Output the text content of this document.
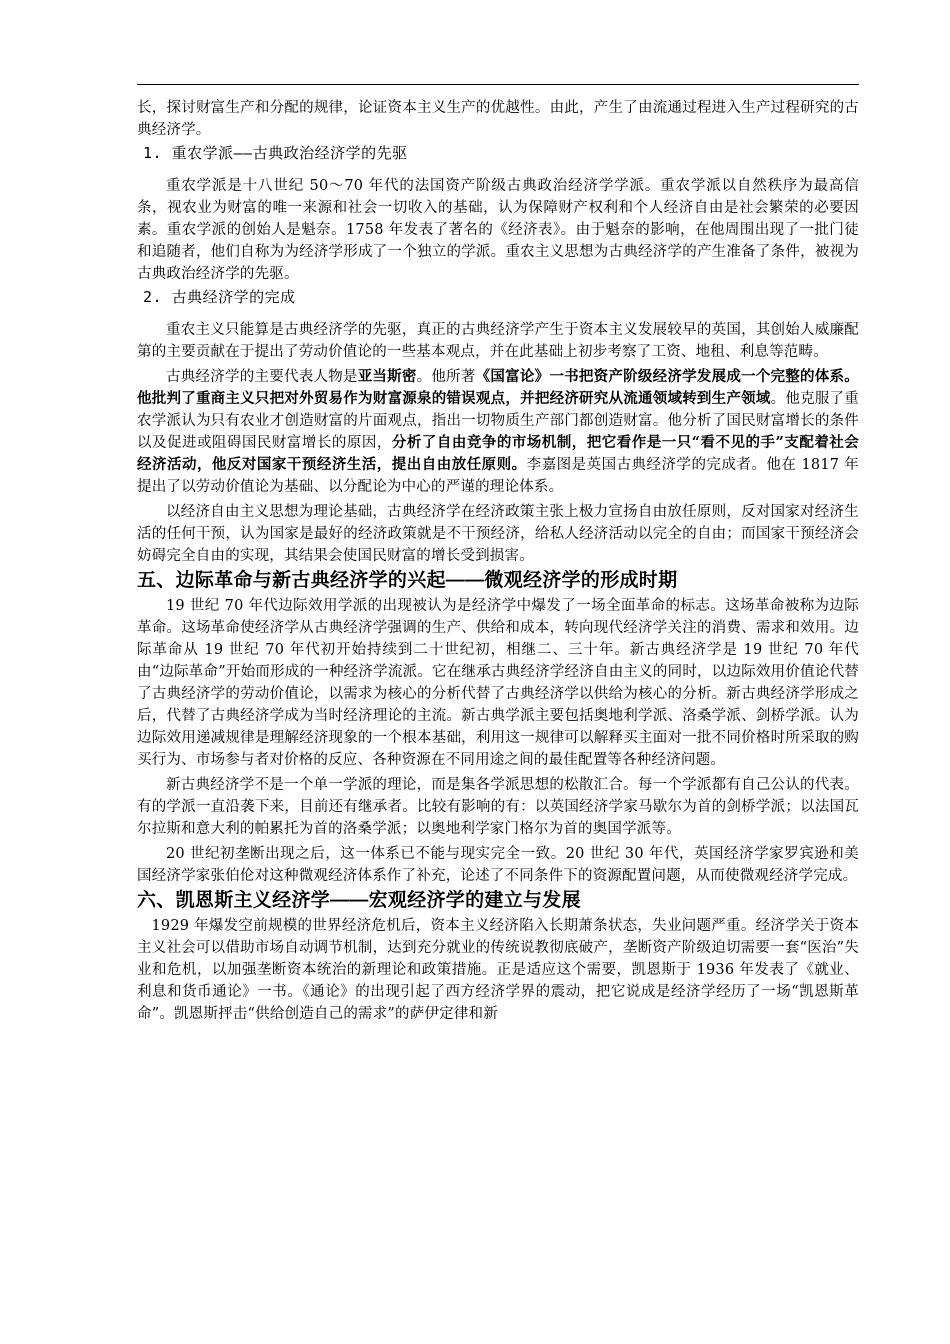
长，探讨财富生产和分配的规律，论证资本主义生产的优越性。由此，产生了由流通过程进入生产过程研究的古典经济学。

1. 重农学派——古典政治经济学的先驱

重农学派是十八世纪 50～70 年代的法国资产阶级古典政治经济学学派。重农学派以自然秩序为最高信条，视农业为财富的唯一来源和社会一切收入的基础，认为保障财产权利和个人经济自由是社会繁荣的必要因素。重农学派的创始人是魁奈。1758 年发表了著名的《经济表》。由于魁奈的影响，在他周围出现了一批门徒和追随者，他们自称为为经济学形成了一个独立的学派。重农主义思想为古典经济学的产生准备了条件，被视为古典政治经济学的先驱。

2. 古典经济学的完成

重农主义只能算是古典经济学的先驱，真正的古典经济学产生于资本主义发展较早的英国，其创始人威廉配第的主要贡献在于提出了劳动价值论的一些基本观点，并在此基础上初步考察了工资、地租、利息等范畴。

古典经济学的主要代表人物是亚当斯密。他所著《国富论》一书把资产阶级经济学发展成一个完整的体系。他批判了重商主义只把对外贸易作为财富源泉的错误观点，并把经济研究从流通领域转到生产领域。他克服了重农学派认为只有农业才创造财富的片面观点，指出一切物质生产部门都创造财富。他分析了国民财富增长的条件以及促进或阻碍国民财富增长的原因，分析了自由竞争的市场机制，把它看作是一只“看不见的手”支配着社会经济活动，他反对国家干预经济生活，提出自由放任原则。李嘉图是英国古典经济学的完成者。他在 1817 年提出了以劳动价值论为基础、以分配论为中心的严谨的理论体系。

以经济自由主义思想为理论基础，古典经济学在经济政策主张上极力宣扬自由放任原则，反对国家对经济生活的任何干预，认为国家是最好的经济政策就是不干预经济，给私人经济活动以完全的自由；而国家干预经济会妨碍完全自由的实现，其结果会使国民财富的增长受到损害。

五、边际革命与新古典经济学的兴起——微观经济学的形成时期

19 世纪 70 年代边际效用学派的出现被认为是经济学中爆发了一场全面革命的标志。这场革命被称为边际革命。这场革命使经济学从古典经济学强调的生产、供给和成本，转向现代经济学关注的消费、需求和效用。边际革命从 19 世纪 70 年代初开始持续到二十世纪初，相继二、三十年。新古典经济学是 19 世纪 70 年代由“边际革命”开始而形成的一种经济学流派。它在继承古典经济学经济自由主义的同时，以边际效用价值论代替了古典经济学的劳动价值论，以需求为核心的分析代替了古典经济学以供给为核心的分析。新古典经济学形成之后，代替了古典经济学成为当时经济理论的主流。新古典学派主要包括奥地利学派、洛桑学派、剑桥学派。认为边际效用递减规律是理解经济现象的一个根本基础，利用这一规律可以解释买主面对一批不同价格时所采取的购买行为、市场参与者对价格的反应、各种资源在不同用途之间的最佳配置等各种经济问题。

新古典经济学不是一个单一学派的理论，而是集各学派思想的松散汇合。每一个学派都有自己公认的代表。有的学派一直沿袭下来，目前还有继承者。比较有影响的有：以英国经济学家马歇尔为首的剑桥学派；以法国瓦尔拉斯和意大利的帕累托为首的洛桑学派；以奥地利学家门格尔为首的奥国学派等。

20 世纪初垄断出现之后，这一体系已不能与现实完全一致。20 世纪 30 年代，英国经济学家罗宾逊和美国经济学家张伯伦对这种微观经济体系作了补充，论述了不同条件下的资源配置问题，从而使微观经济学完成。

六、凯恩斯主义经济学——宏观经济学的建立与发展

1929 年爆发空前规模的世界经济危机后，资本主义经济陷入长期萧条状态，失业问题严重。经济学关于资本主义社会可以借助市场自动调节机制，达到充分就业的传统说教彻底破产，垄断资产阶级迫切需要一套“医治”失业和危机，以加强垄断资本统治的新理论和政策措施。正是适应这个需要，凯恩斯于 1936 年发表了《就业、利息和货币通论》一书。《通论》的出现引起了西方经济学界的震动，把它说成是经济学经历了一场“凯恩斯革命”。凯恩斯抨击“供给创造自己的需求”的萨伊定律和新
